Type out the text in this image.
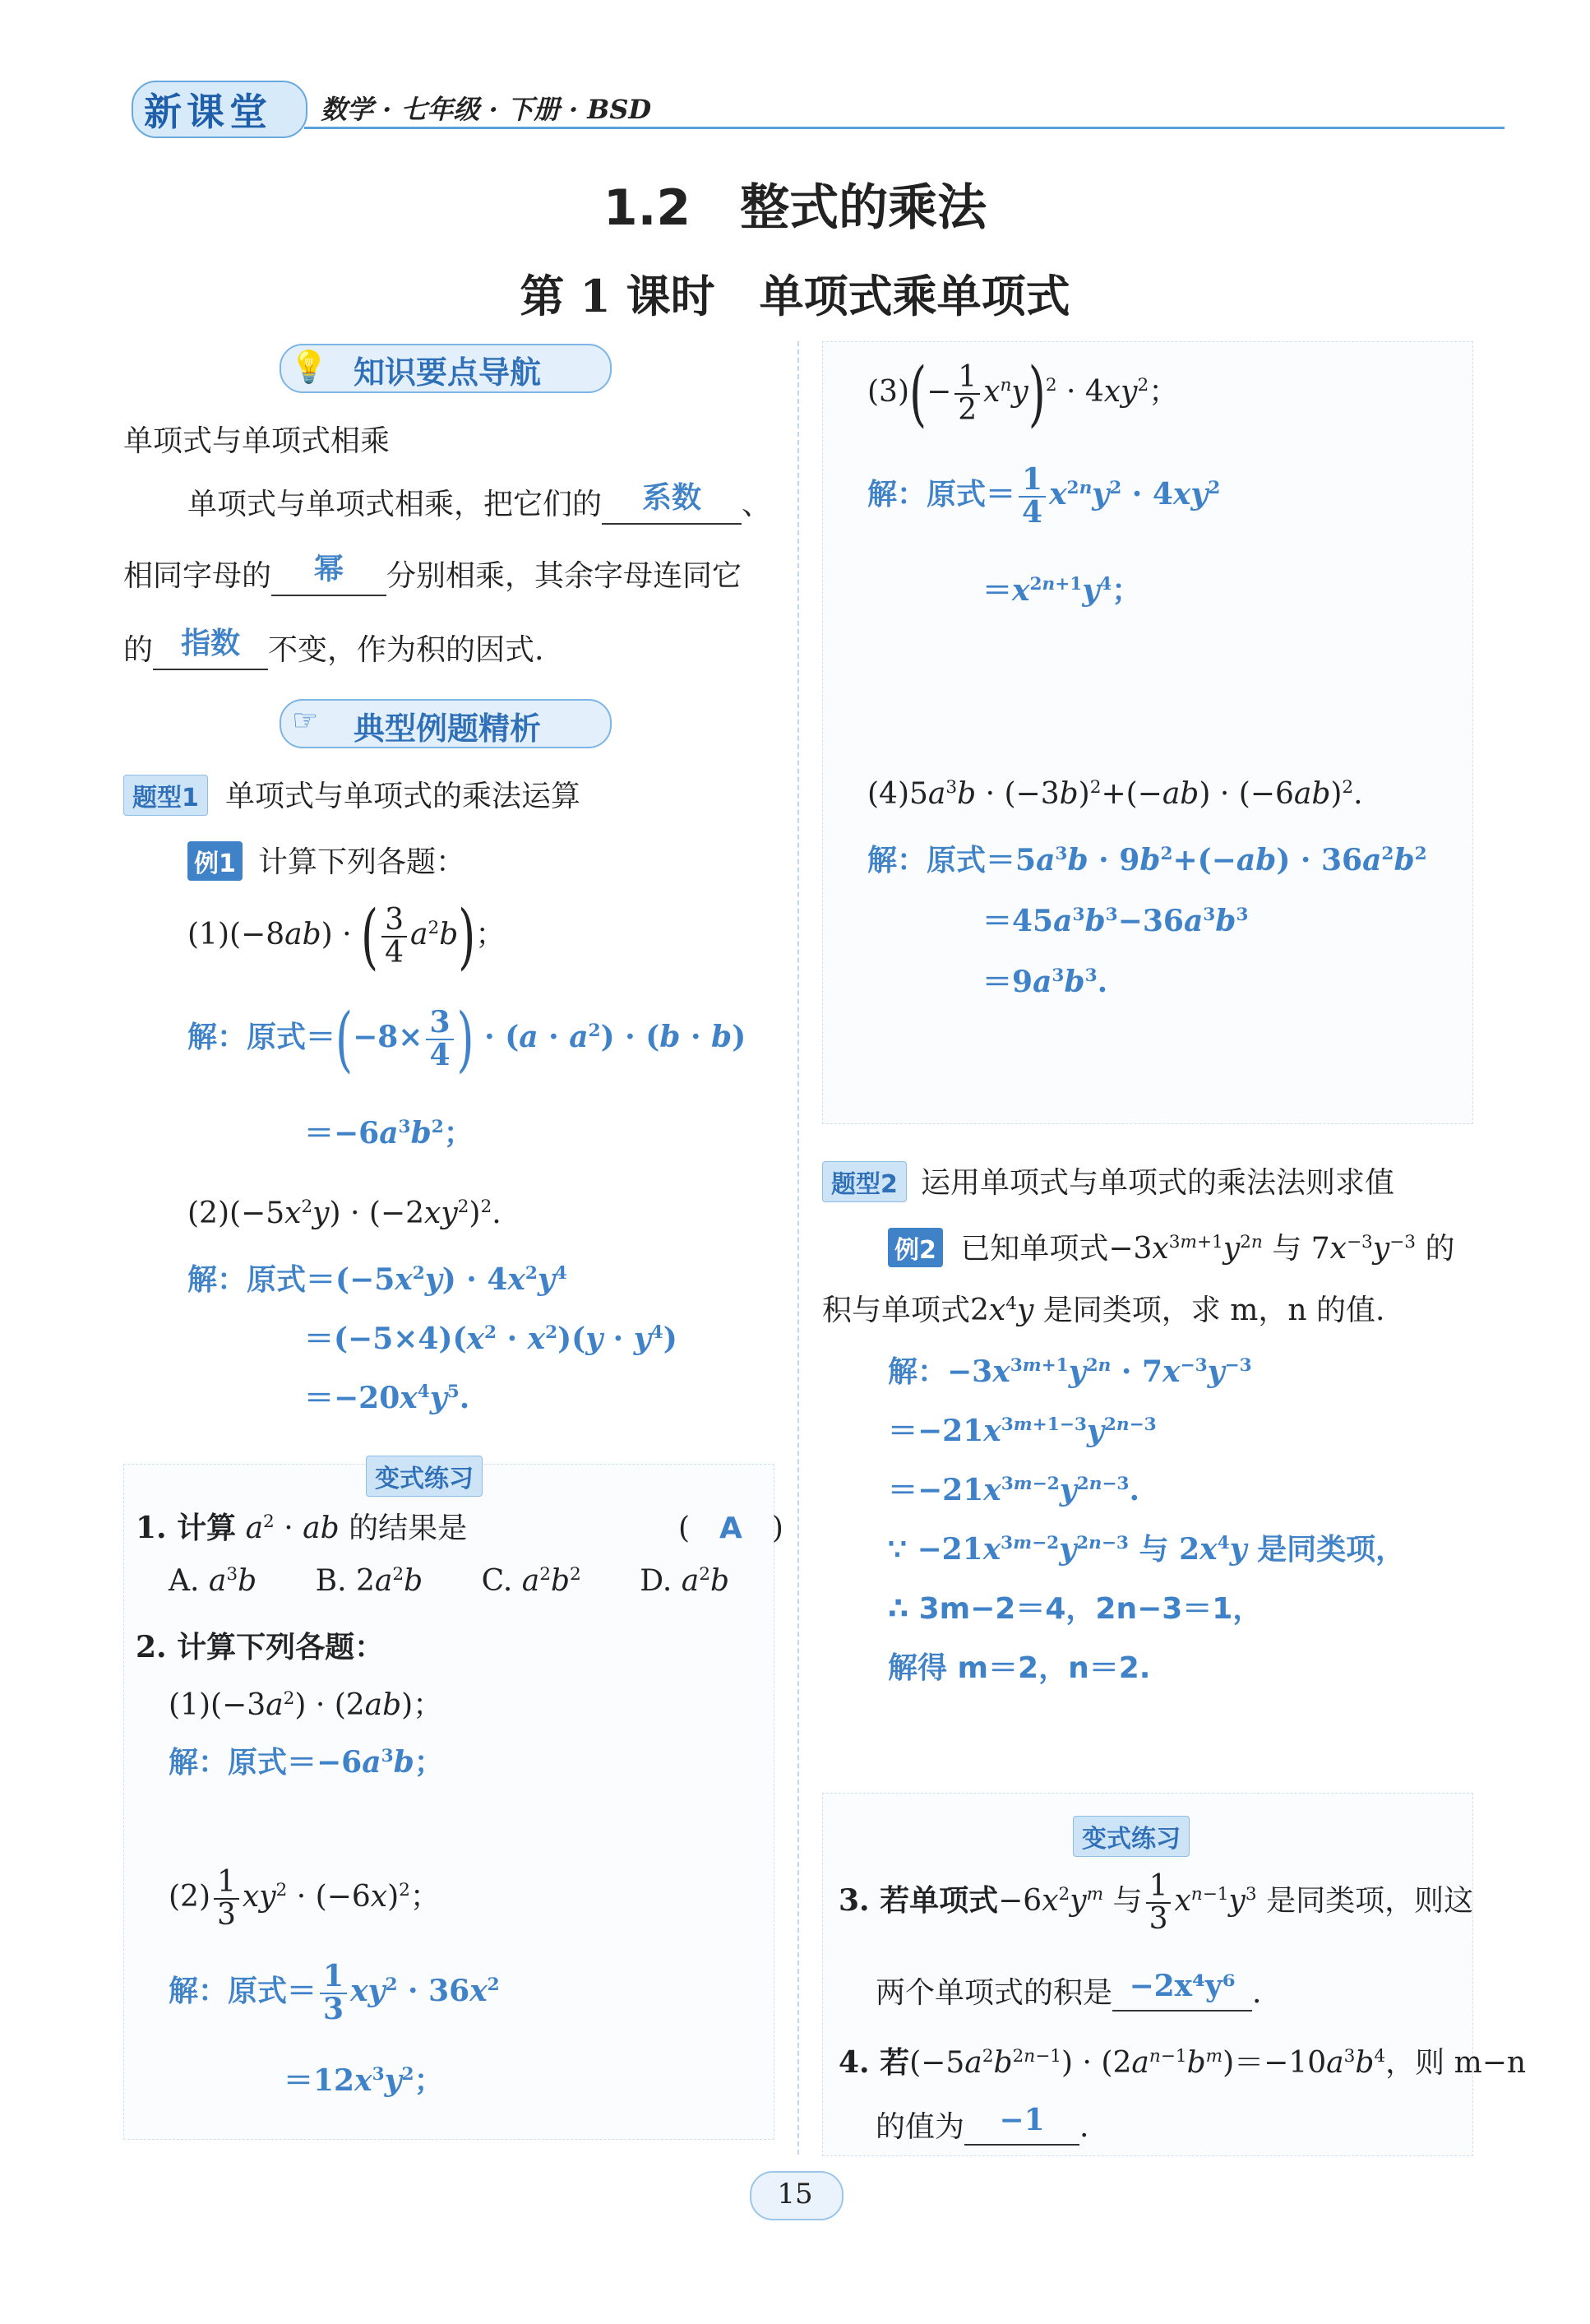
新课堂 数学 · 七年级 · 下册 · BSD
1.2　整式的乘法
第 1 课时　单项式乘单项式
💡 知识要点导航
单项式与单项式相乘
单项式与单项式相乘，把它们的 系数 、
相同字母的 幂 分别相乘，其余字母连同它
的 指数 不变，作为积的因式.
☞ 典型例题精析
题型1 单项式与单项式的乘法运算
例1 计算下列各题：
(1)(−8ab) · ( $\frac{3}{4} a^2b$)；
解：原式$=(-8\times \frac{3}{4}$ ) · $(a \cdot a^2) \cdot (b \cdot b)$
$=-6a^3b^2$；
$(2)(-5x^2y) \cdot (-2xy^2)^2$.
解：原式$=(-5x^2y) \cdot 4x^2y^4$
$=(-5\times 4)(x^2 \cdot x^2)(y \cdot y^4)$
$=-20x^4y^5$.
变式练习
1. 计算 $a^2$ · ab 的结果是	(　A　)
A. $a^3b$ B. $2a^2b$ C. $a^2b^2$ D. $a^2b$
2. 计算下列各题：
$(1)(-3a^2) \cdot (2ab)$；
解：原式$=-6a^3b$；
$(2) \frac{1}{3} xy^2 \cdot (-6x)^2$；
解：原式＝ $\frac{1}{3} xy^2 \cdot 36x^2$
$=12x^3y^2$；
$(3)(- \frac{1}{2} x^ny)^2 \cdot 4xy^2$；
解：原式＝ $\frac{1}{4} x^{2n}y^2 \cdot 4xy^2$
$=x^{2n+1}y^4$；
$(4)5a^3b \cdot (-3b)^2+(-ab) \cdot (-6ab)^2$.
解：原式$=5a^3b \cdot 9b^2+(-ab) \cdot 36a^2b^2$
$=45a^3b^3-36a^3b^3$
$=9a^3b^3$.
题型2 运用单项式与单项式的乘法法则求值
例2 已知单项式$-3x^{3m+1}y^{2n}$ 与 $7x^{-3}y^{-3}$ 的
积与单项式$2x^4y$ 是同类项，求 m，n 的值.
解：$-3x^{3m+1}y^{2n} \cdot 7x^{-3}y^{-3}$
$=-21x^{3m+1-3}y^{2n-3}$
$=-21x^{3m-2}y^{2n-3}$.
∵ $-21x^{3m-2}y^{2n-3}$ 与 $2x^4y$ 是同类项，
∴ 3m−2＝4，2n−3＝1，
解得 m＝2，n＝2.
变式练习
3. 若单项式$-6x^2y^m$ 与 $\frac{1}{3} x^{n-1}y^3$ 是同类项，则这
两个单项式的积是 −2x⁴y⁶ .
4. 若$(-5a^2b^{2n-1}) \cdot (2a^{n-1}b^m)=-10a^3b^4$，则 m−n
的值为 −1 .
15
